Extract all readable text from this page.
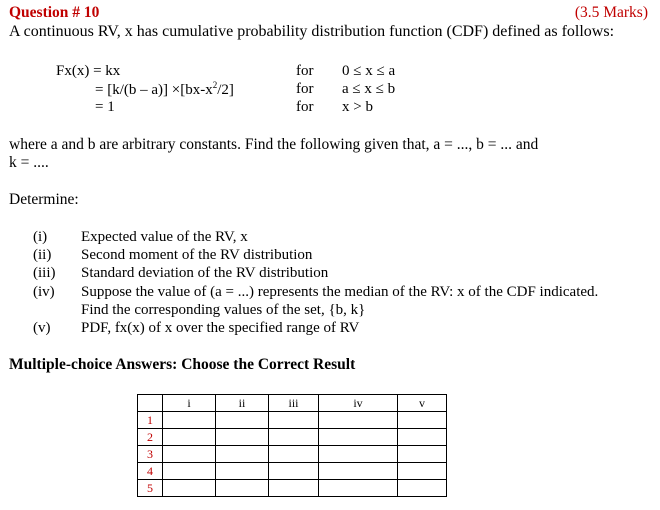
Question # 10	(3.5 Marks)
A continuous RV, x has cumulative probability distribution function (CDF) defined as follows:
Fx(x) = kx	for 0 ≤ x ≤ a
= $[k/(b - a)] \times[bx-x^2/2]$	for a ≤ x ≤ b
= 1	for x > b
where a and b are arbitrary constants. Find the following given that, a = ..., b = ... and
k = ....
Determine:
(i) Expected value of the RV, x
(ii) Second moment of the RV distribution
(iii) Standard deviation of the RV distribution
(iv) Suppose the value of (a = ...) represents the median of the RV: x of the CDF indicated.
Find the corresponding values of the set, {b, k}
(v) PDF, fx(x) of x over the specified range of RV
Multiple-choice Answers: Choose the Correct Result
	i	ii	iii	iv	v
1					
2					
3					
4					
5					
